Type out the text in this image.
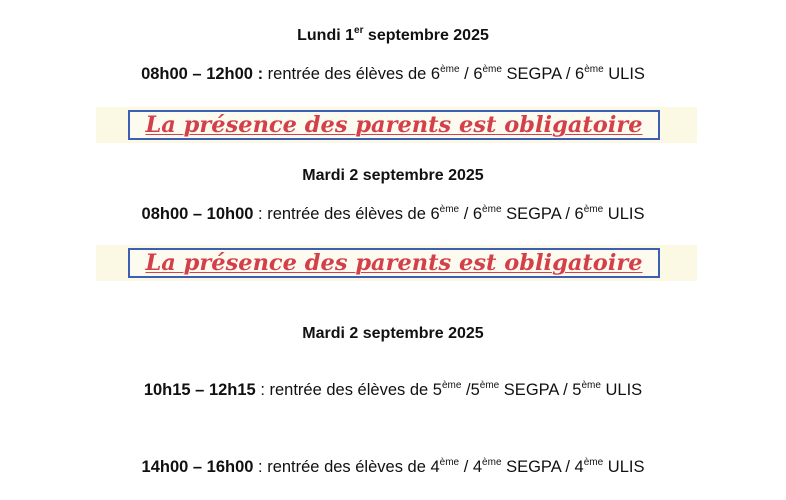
Lundi 1er septembre 2025
08h00 – 12h00 : rentrée des élèves de 6ème / 6ème SEGPA / 6ème ULIS
La présence des parents est obligatoire
Mardi 2 septembre 2025
08h00 – 10h00 : rentrée des élèves de 6ème / 6ème SEGPA / 6ème ULIS
La présence des parents est obligatoire
Mardi 2 septembre 2025
10h15 – 12h15 : rentrée des élèves de 5ème /5ème SEGPA / 5ème ULIS
14h00 – 16h00 : rentrée des élèves de 4ème / 4ème SEGPA / 4ème ULIS
